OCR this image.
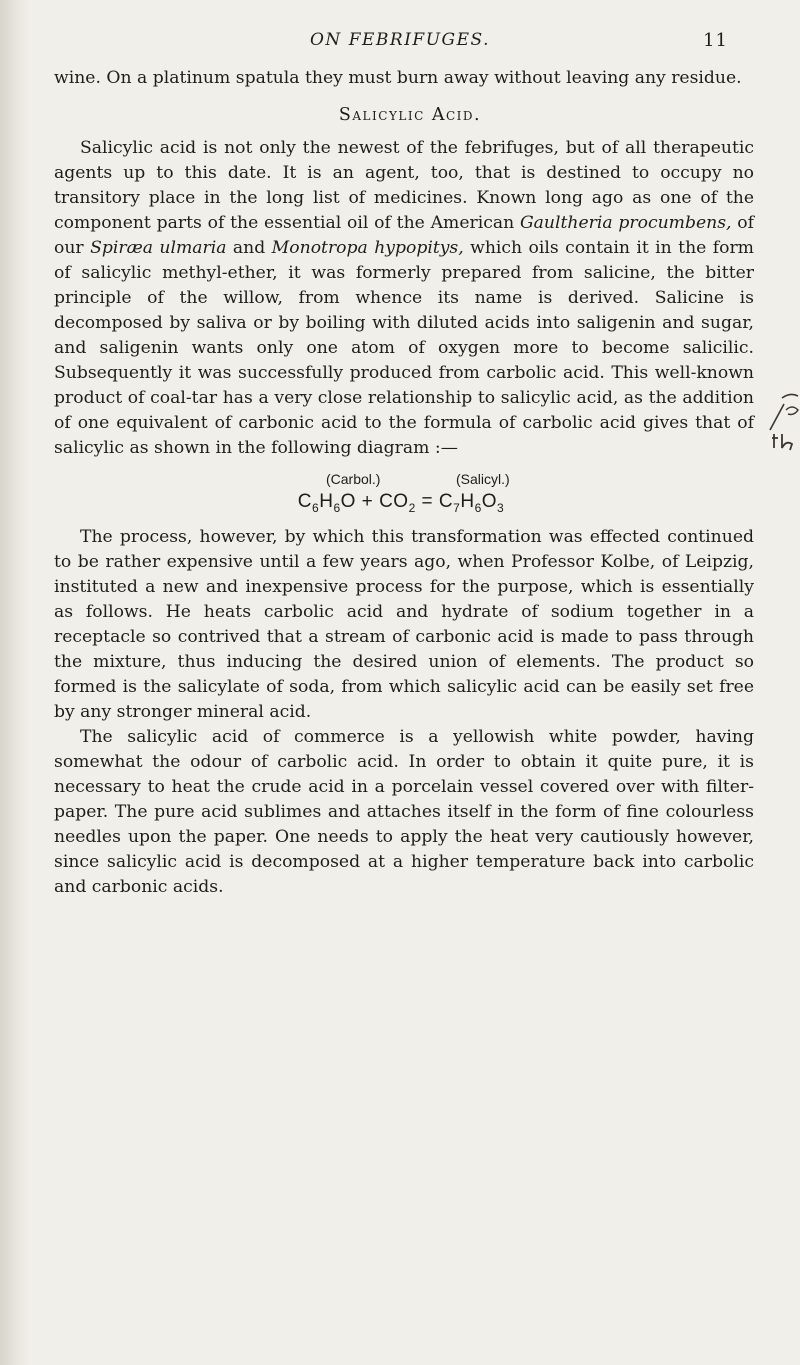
ON FEBRIFUGES.	11

wine. On a platinum spatula they must burn away without leaving any residue.

Salicylic Acid.

Salicylic acid is not only the newest of the febrifuges, but of all therapeutic agents up to this date. It is an agent, too, that is destined to occupy no transitory place in the long list of medicines. Known long ago as one of the component parts of the essential oil of the American Gaultheria procumbens, of our Spiræa ulmaria and Monotropa hypopitys, which oils contain it in the form of salicylic methyl-ether, it was formerly prepared from salicine, the bitter principle of the willow, from whence its name is derived. Salicine is decomposed by saliva or by boiling with diluted acids into saligenin and sugar, and saligenin wants only one atom of oxygen more to become salicilic. Subsequently it was successfully produced from carbolic acid. This well-known product of coal-tar has a very close relationship to salicylic acid, as the addition of one equivalent of carbonic acid to the formula of carbolic acid gives that of salicylic as shown in the following diagram :—

(Carbol.)	(Salicyl.)
$C_6H_6O + CO_2 = C_7H_6O_3$

The process, however, by which this transformation was effected continued to be rather expensive until a few years ago, when Professor Kolbe, of Leipzig, instituted a new and inexpensive process for the purpose, which is essentially as follows. He heats carbolic acid and hydrate of sodium together in a receptacle so contrived that a stream of carbonic acid is made to pass through the mixture, thus inducing the desired union of elements. The product so formed is the salicylate of soda, from which salicylic acid can be easily set free by any stronger mineral acid.

The salicylic acid of commerce is a yellowish white powder, having somewhat the odour of carbolic acid. In order to obtain it quite pure, it is necessary to heat the crude acid in a porcelain vessel covered over with filter-paper. The pure acid sublimes and attaches itself in the form of fine colourless needles upon the paper. One needs to apply the heat very cautiously however, since salicylic acid is decomposed at a higher temperature back into carbolic and carbonic acids.
